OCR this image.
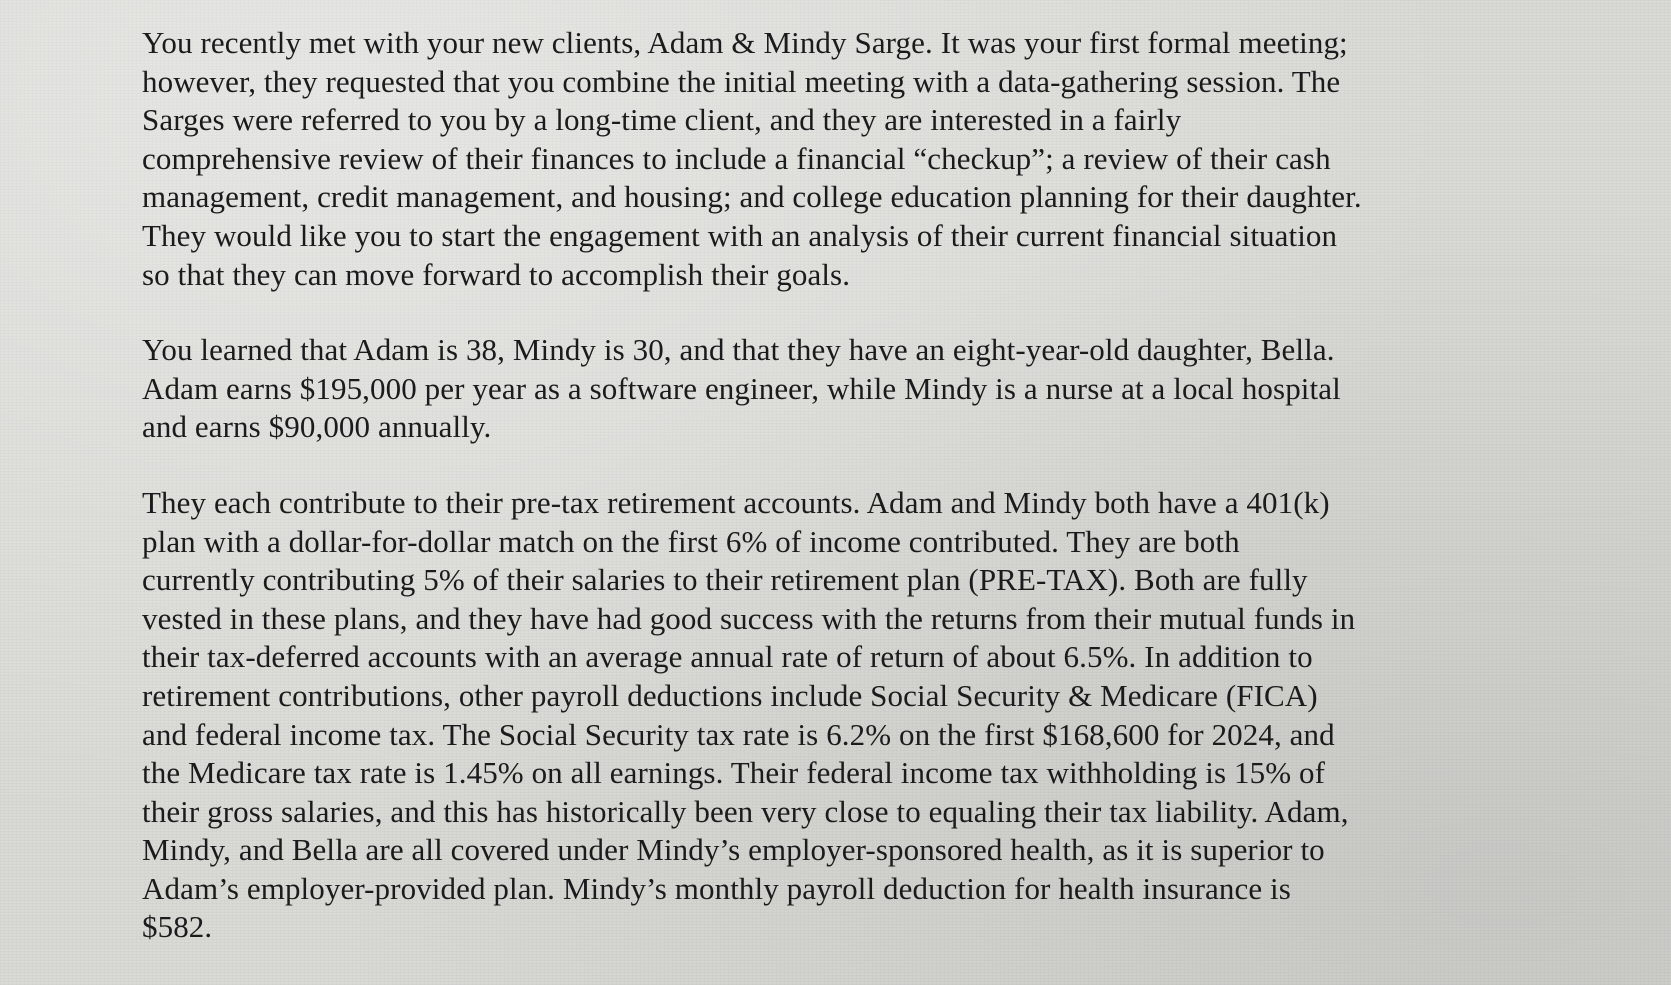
You recently met with your new clients, Adam & Mindy Sarge. It was your first formal meeting;
however, they requested that you combine the initial meeting with a data-gathering session. The
Sarges were referred to you by a long-time client, and they are interested in a fairly
comprehensive review of their finances to include a financial “checkup”; a review of their cash
management, credit management, and housing; and college education planning for their daughter.
They would like you to start the engagement with an analysis of their current financial situation
so that they can move forward to accomplish their goals.

You learned that Adam is 38, Mindy is 30, and that they have an eight-year-old daughter, Bella.
Adam earns $195,000 per year as a software engineer, while Mindy is a nurse at a local hospital
and earns $90,000 annually.

They each contribute to their pre-tax retirement accounts. Adam and Mindy both have a 401(k)
plan with a dollar-for-dollar match on the first 6% of income contributed. They are both
currently contributing 5% of their salaries to their retirement plan (PRE-TAX). Both are fully
vested in these plans, and they have had good success with the returns from their mutual funds in
their tax-deferred accounts with an average annual rate of return of about 6.5%. In addition to
retirement contributions, other payroll deductions include Social Security & Medicare (FICA)
and federal income tax. The Social Security tax rate is 6.2% on the first $168,600 for 2024, and
the Medicare tax rate is 1.45% on all earnings. Their federal income tax withholding is 15% of
their gross salaries, and this has historically been very close to equaling their tax liability. Adam,
Mindy, and Bella are all covered under Mindy’s employer-sponsored health, as it is superior to
Adam’s employer-provided plan. Mindy’s monthly payroll deduction for health insurance is
$582.
